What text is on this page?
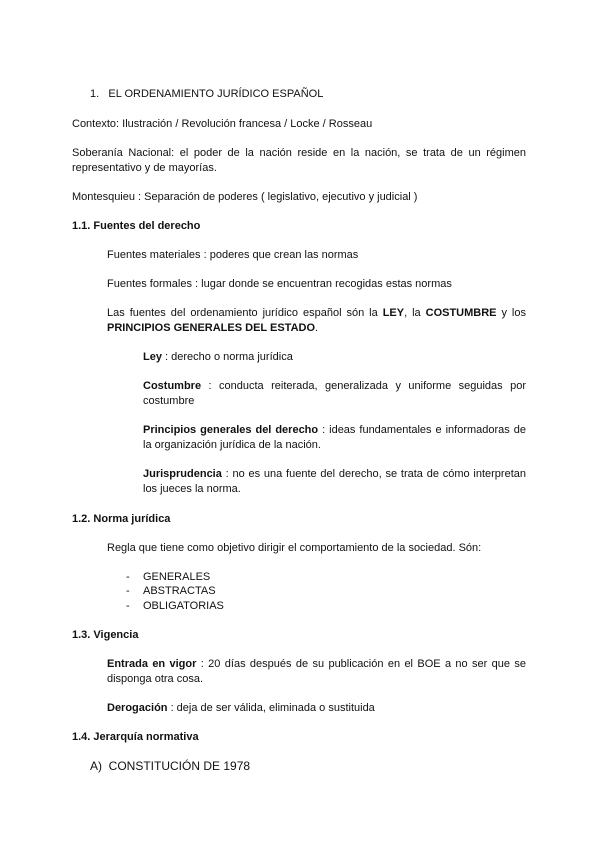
1. EL ORDENAMIENTO JURÍDICO ESPAÑOL
Contexto: Ilustración / Revolución francesa / Locke / Rosseau
Soberanía Nacional: el poder de la nación reside en la nación, se trata de un régimen representativo y de mayorías.
Montesquieu : Separación de poderes ( legislativo, ejecutivo y judicial )
1.1. Fuentes del derecho
Fuentes materiales : poderes que crean las normas
Fuentes formales : lugar donde se encuentran recogidas estas normas
Las fuentes del ordenamiento jurídico español són la LEY, la COSTUMBRE y los PRINCIPIOS GENERALES DEL ESTADO.
Ley : derecho o norma jurídica
Costumbre : conducta reiterada, generalizada y uniforme seguidas por costumbre
Principios generales del derecho : ideas fundamentales e informadoras de la organización jurídica de la nación.
Jurisprudencia : no es una fuente del derecho, se trata de cómo interpretan los jueces la norma.
1.2. Norma jurídica
Regla que tiene como objetivo dirigir el comportamiento de la sociedad. Són:
- GENERALES
- ABSTRACTAS
- OBLIGATORIAS
1.3. Vigencia
Entrada en vigor : 20 días después de su publicación en el BOE a no ser que se disponga otra cosa.
Derogación : deja de ser válida, eliminada o sustituida
1.4. Jerarquía normativa
A) CONSTITUCIÓN DE 1978
